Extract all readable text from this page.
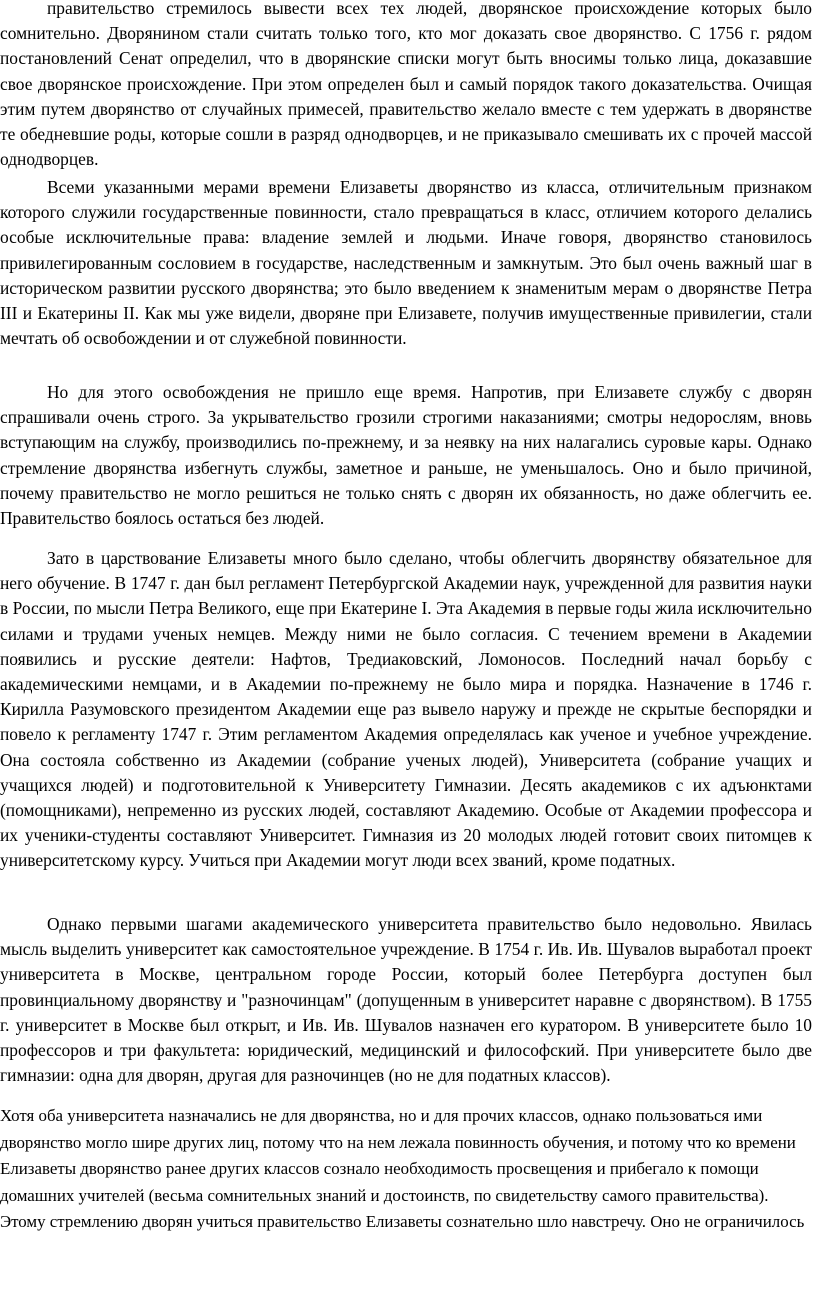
правительство стремилось вывести всех тех людей, дворянское происхождение которых было сомнительно. Дворянином стали считать только того, кто мог доказать свое дворянство. С 1756 г. рядом постановлений Сенат определил, что в дворянские списки могут быть вносимы только лица, доказавшие свое дворянское происхождение. При этом определен был и самый порядок такого доказательства. Очищая этим путем дворянство от случайных примесей, правительство желало вместе с тем удержать в дворянстве те обедневшие роды, которые сошли в разряд однодворцев, и не приказывало смешивать их с прочей массой однодворцев.

Всеми указанными мерами времени Елизаветы дворянство из класса, отличительным признаком которого служили государственные повинности, стало превращаться в класс, отличием которого делались особые исключительные права: владение землей и людьми. Иначе говоря, дворянство становилось привилегированным сословием в государстве, наследственным и замкнутым. Это был очень важный шаг в историческом развитии русского дворянства; это было введением к знаменитым мерам о дворянстве Петра III и Екатерины II. Как мы уже видели, дворяне при Елизавете, получив имущественные привилегии, стали мечтать об освобождении и от служебной повинности.

Но для этого освобождения не пришло еще время. Напротив, при Елизавете службу с дворян спрашивали очень строго. За укрывательство грозили строгими наказаниями; смотры недорослям, вновь вступающим на службу, производились по-прежнему, и за неявку на них налагались суровые кары. Однако стремление дворянства избегнуть службы, заметное и раньше, не уменьшалось. Оно и было причиной, почему правительство не могло решиться не только снять с дворян их обязанность, но даже облегчить ее. Правительство боялось остаться без людей.

Зато в царствование Елизаветы много было сделано, чтобы облегчить дворянству обязательное для него обучение. В 1747 г. дан был регламент Петербургской Академии наук, учрежденной для развития науки в России, по мысли Петра Великого, еще при Екатерине I. Эта Академия в первые годы жила исключительно силами и трудами ученых немцев. Между ними не было согласия. С течением времени в Академии появились и русские деятели: Нафтов, Тредиаковский, Ломоносов. Последний начал борьбу с академическими немцами, и в Академии по-прежнему не было мира и порядка. Назначение в 1746 г. Кирилла Разумовского президентом Академии еще раз вывело наружу и прежде не скрытые беспорядки и повело к регламенту 1747 г. Этим регламентом Академия определялась как ученое и учебное учреждение. Она состояла собственно из Академии (собрание ученых людей), Университета (собрание учащих и учащихся людей) и подготовительной к Университету Гимназии. Десять академиков с их адъюнктами (помощниками), непременно из русских людей, составляют Академию. Особые от Академии профессора и их ученики-студенты составляют Университет. Гимназия из 20 молодых людей готовит своих питомцев к университетскому курсу. Учиться при Академии могут люди всех званий, кроме податных.

Однако первыми шагами академического университета правительство было недовольно. Явилась мысль выделить университет как самостоятельное учреждение. В 1754 г. Ив. Ив. Шувалов выработал проект университета в Москве, центральном городе России, который более Петербурга доступен был провинциальному дворянству и "разночинцам" (допущенным в университет наравне с дворянством). В 1755 г. университет в Москве был открыт, и Ив. Ив. Шувалов назначен его куратором. В университете было 10 профессоров и три факультета: юридический, медицинский и философский. При университете было две гимназии: одна для дворян, другая для разночинцев (но не для податных классов).

Хотя оба университета назначались не для дворянства, но и для прочих классов, однако пользоваться ими дворянство могло шире других лиц, потому что на нем лежала повинность обучения, и потому что ко времени Елизаветы дворянство ранее других классов сознало необходимость просвещения и прибегало к помощи домашних учителей (весьма сомнительных знаний и достоинств, по свидетельству самого правительства). Этому стремлению дворян учиться правительство Елизаветы сознательно шло навстречу. Оно не ограничилось
